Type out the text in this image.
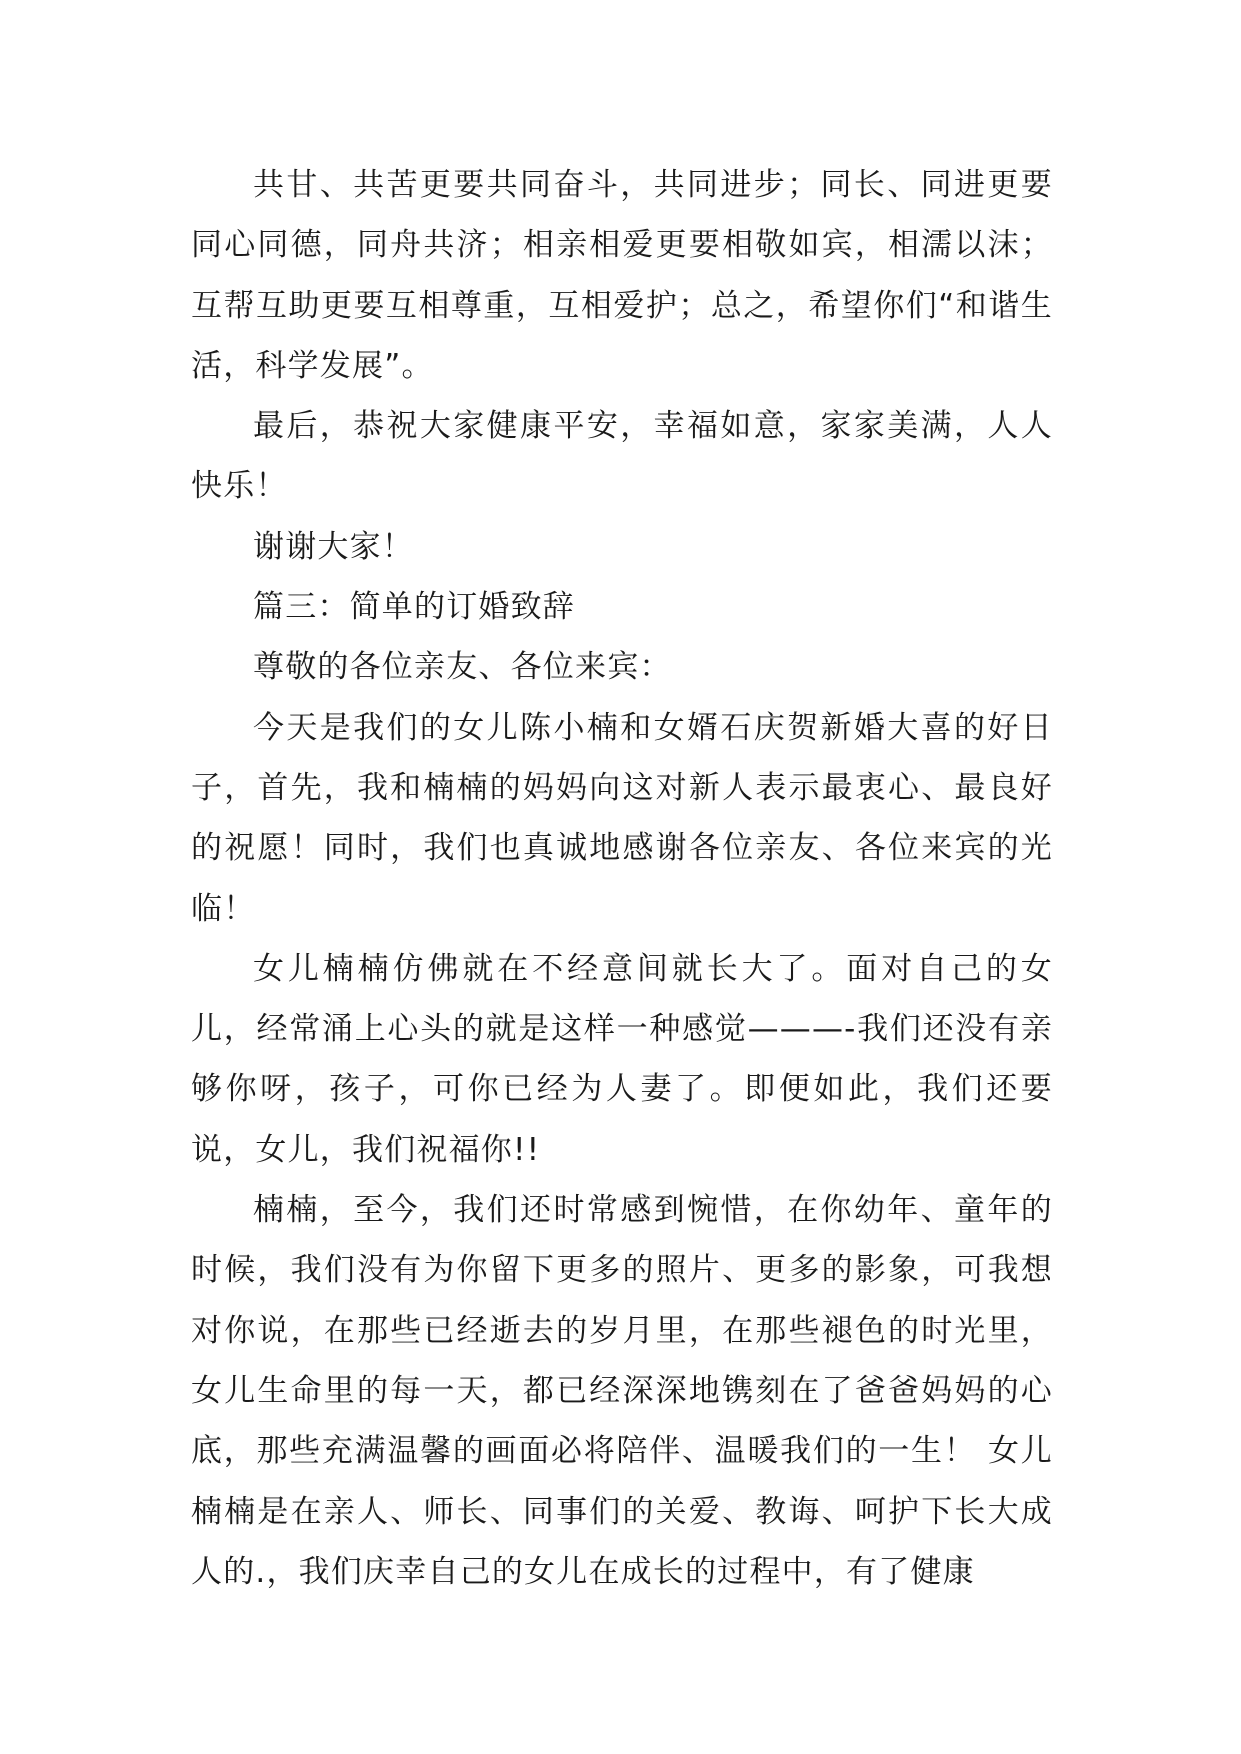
共甘、共苦更要共同奋斗，共同进步；同长、同进更要同心同德，同舟共济；相亲相爱更要相敬如宾，相濡以沫；互帮互助更要互相尊重，互相爱护；总之，希望你们“和谐生活，科学发展”。

最后，恭祝大家健康平安，幸福如意，家家美满，人人快乐！

谢谢大家！

篇三：简单的订婚致辞

尊敬的各位亲友、各位来宾：

今天是我们的女儿陈小楠和女婿石庆贺新婚大喜的好日子，首先，我和楠楠的妈妈向这对新人表示最衷心、最良好的祝愿！同时，我们也真诚地感谢各位亲友、各位来宾的光临！

女儿楠楠仿佛就在不经意间就长大了。面对自己的女儿，经常涌上心头的就是这样一种感觉———-我们还没有亲够你呀，孩子，可你已经为人妻了。即便如此，我们还要说，女儿，我们祝福你!!

楠楠，至今，我们还时常感到惋惜，在你幼年、童年的时候，我们没有为你留下更多的照片、更多的影象，可我想对你说，在那些已经逝去的岁月里，在那些褪色的时光里，女儿生命里的每一天，都已经深深地镌刻在了爸爸妈妈的心底，那些充满温馨的画面必将陪伴、温暖我们的一生！ 女儿楠楠是在亲人、师长、同事们的关爱、教诲、呵护下长大成人的.，我们庆幸自己的女儿在成长的过程中，有了健康
